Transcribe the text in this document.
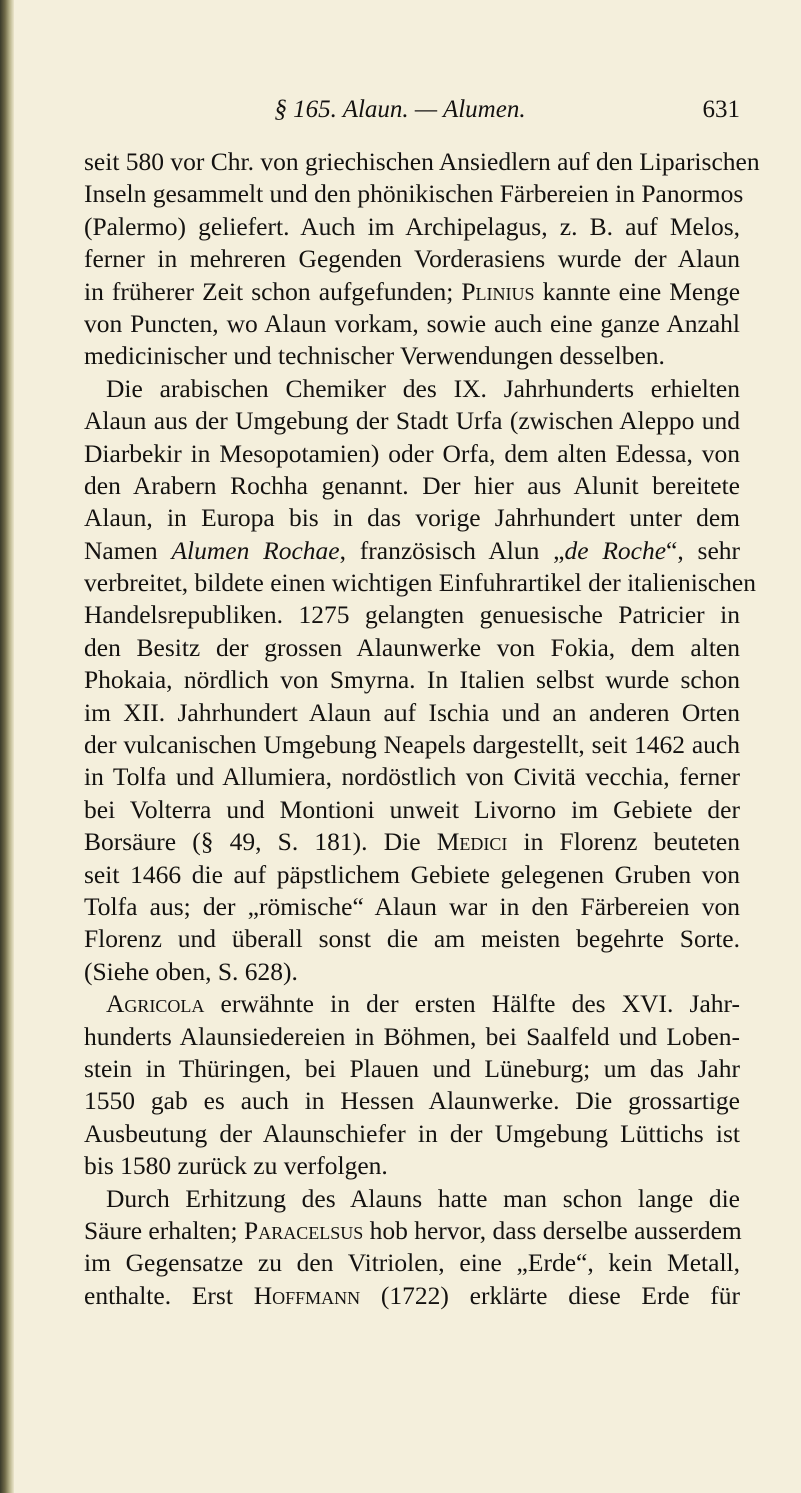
§ 165. Alaun. — Alumen.	631
seit 580 vor Chr. von griechischen Ansiedlern auf den Liparischen
Inseln gesammelt und den phönikischen Färbereien in Panormos
(Palermo) geliefert. Auch im Archipelagus, z. B. auf Melos,
ferner in mehreren Gegenden Vorderasiens wurde der Alaun
in früherer Zeit schon aufgefunden; Plinius kannte eine Menge
von Puncten, wo Alaun vorkam, sowie auch eine ganze Anzahl
medicinischer und technischer Verwendungen desselben.
Die arabischen Chemiker des IX. Jahrhunderts erhielten
Alaun aus der Umgebung der Stadt Urfa (zwischen Aleppo und
Diarbekir in Mesopotamien) oder Orfa, dem alten Edessa, von
den Arabern Rochha genannt. Der hier aus Alunit bereitete
Alaun, in Europa bis in das vorige Jahrhundert unter dem
Namen Alumen Rochae, französisch Alun „de Roche“, sehr
verbreitet, bildete einen wichtigen Einfuhrartikel der italienischen
Handelsrepubliken. 1275 gelangten genuesische Patricier in
den Besitz der grossen Alaunwerke von Fokia, dem alten
Phokaia, nördlich von Smyrna. In Italien selbst wurde schon
im XII. Jahrhundert Alaun auf Ischia und an anderen Orten
der vulcanischen Umgebung Neapels dargestellt, seit 1462 auch
in Tolfa und Allumiera, nordöstlich von Civitä vecchia, ferner
bei Volterra und Montioni unweit Livorno im Gebiete der
Borsäure (§ 49, S. 181). Die Medici in Florenz beuteten
seit 1466 die auf päpstlichem Gebiete gelegenen Gruben von
Tolfa aus; der „römische“ Alaun war in den Färbereien von
Florenz und überall sonst die am meisten begehrte Sorte.
(Siehe oben, S. 628).
Agricola erwähnte in der ersten Hälfte des XVI. Jahr-
hunderts Alaunsiedereien in Böhmen, bei Saalfeld und Loben-
stein in Thüringen, bei Plauen und Lüneburg; um das Jahr
1550 gab es auch in Hessen Alaunwerke. Die grossartige
Ausbeutung der Alaunschiefer in der Umgebung Lüttichs ist
bis 1580 zurück zu verfolgen.
Durch Erhitzung des Alauns hatte man schon lange die
Säure erhalten; Paracelsus hob hervor, dass derselbe ausserdem
im Gegensatze zu den Vitriolen, eine „Erde“, kein Metall,
enthalte. Erst Hoffmann (1722) erklärte diese Erde für
